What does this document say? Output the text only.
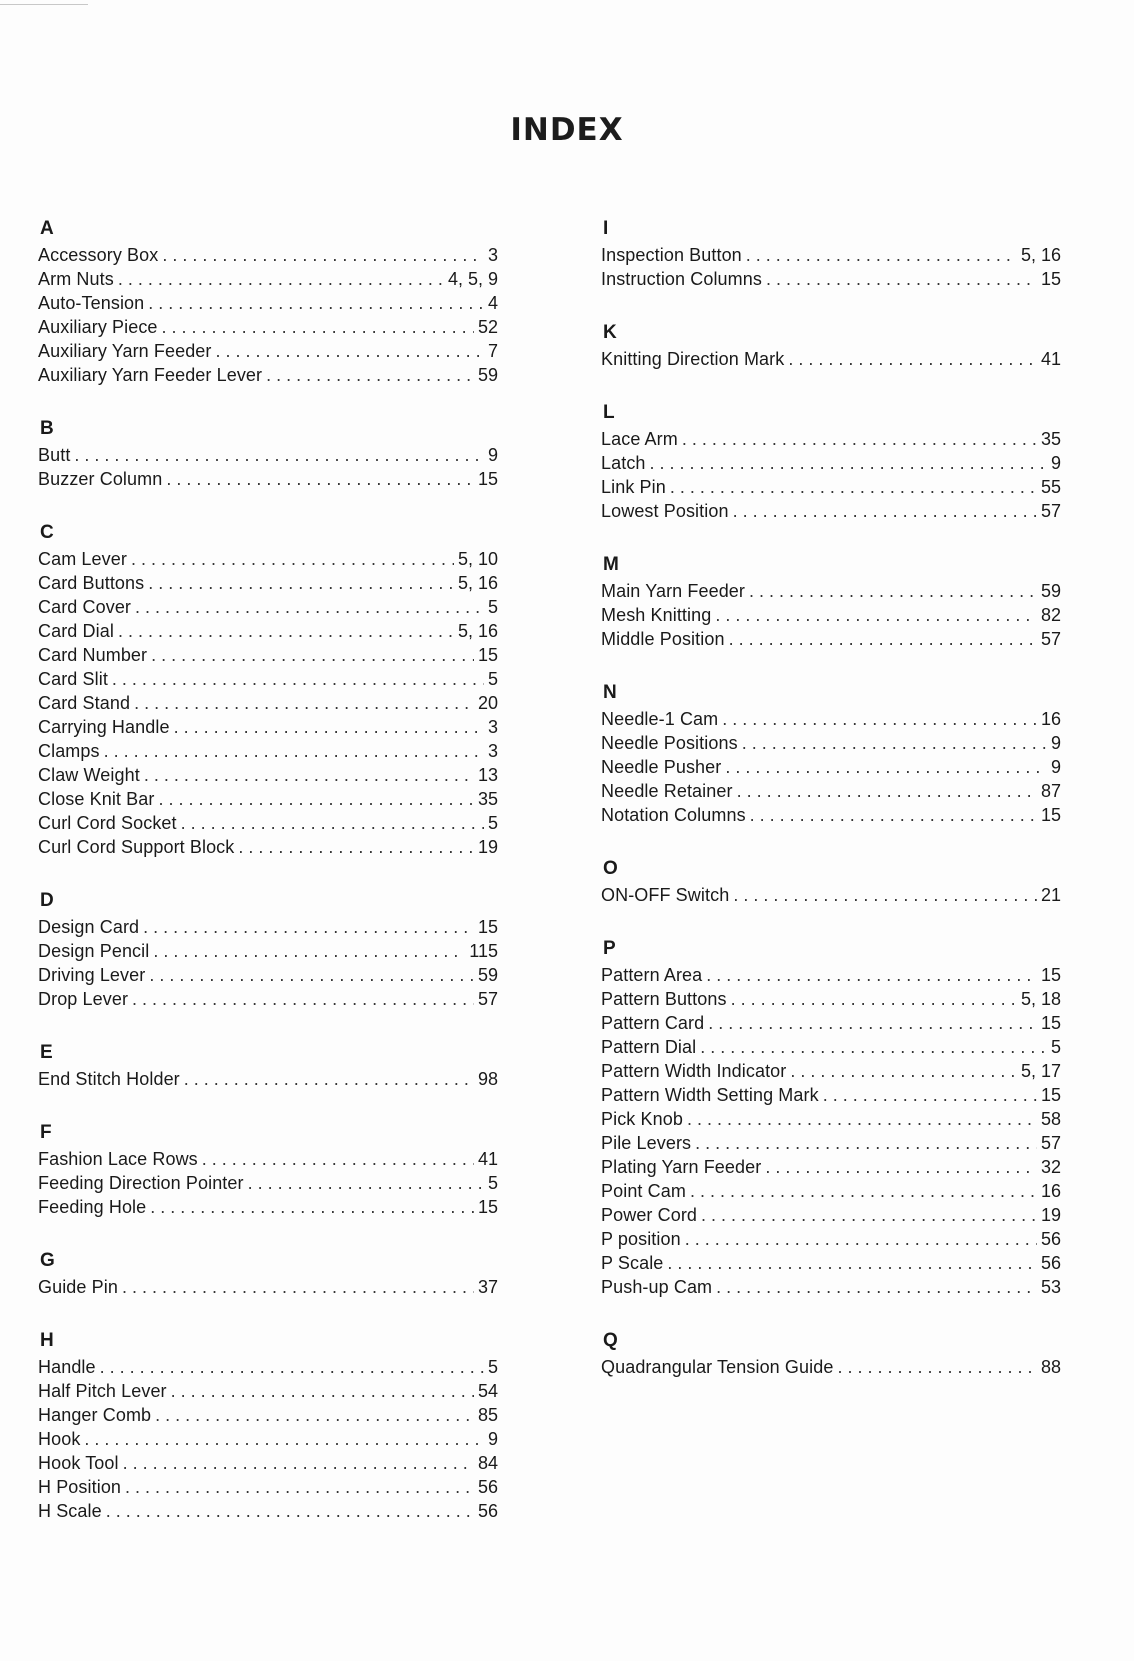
INDEX
A
Accessory Box . . .	3
Arm Nuts . . .	4, 5, 9
Auto-Tension . . .	4
Auxiliary Piece . . .	52
Auxiliary Yarn Feeder . . .	7
Auxiliary Yarn Feeder Lever . . .	59
B
Butt . . .	9
Buzzer Column . . .	15
C
Cam Lever . . .	5, 10
Card Buttons . . .	5, 16
Card Cover . . .	5
Card Dial . . .	5, 16
Card Number . . .	15
Card Slit . . .	5
Card Stand . . .	20
Carrying Handle . . .	3
Clamps . . .	3
Claw Weight . . .	13
Close Knit Bar . . .	35
Curl Cord Socket . . .	5
Curl Cord Support Block . . .	19
D
Design Card . . .	15
Design Pencil . . .	115
Driving Lever . . .	59
Drop Lever . . .	57
E
End Stitch Holder . . .	98
F
Fashion Lace Rows . . .	41
Feeding Direction Pointer . . .	5
Feeding Hole . . .	15
G
Guide Pin . . .	37
H
Handle . . .	5
Half Pitch Lever . . .	54
Hanger Comb . . .	85
Hook . . .	9
Hook Tool . . .	84
H Position . . .	56
H Scale . . .	56
I
Inspection Button . . .	5, 16
Instruction Columns . . .	15
K
Knitting Direction Mark . . .	41
L
Lace Arm . . .	35
Latch . . .	9
Link Pin . . .	55
Lowest Position . . .	57
M
Main Yarn Feeder . . .	59
Mesh Knitting . . .	82
Middle Position . . .	57
N
Needle-1 Cam . . .	16
Needle Positions . . .	9
Needle Pusher . . .	9
Needle Retainer . . .	87
Notation Columns . . .	15
O
ON-OFF Switch . . .	21
P
Pattern Area . . .	15
Pattern Buttons . . .	5, 18
Pattern Card . . .	15
Pattern Dial . . .	5
Pattern Width Indicator . . .	5, 17
Pattern Width Setting Mark . . .	15
Pick Knob . . .	58
Pile Levers . . .	57
Plating Yarn Feeder . . .	32
Point Cam . . .	16
Power Cord . . .	19
P position . . .	56
P Scale . . .	56
Push-up Cam . . .	53
Q
Quadrangular Tension Guide . . .	88
